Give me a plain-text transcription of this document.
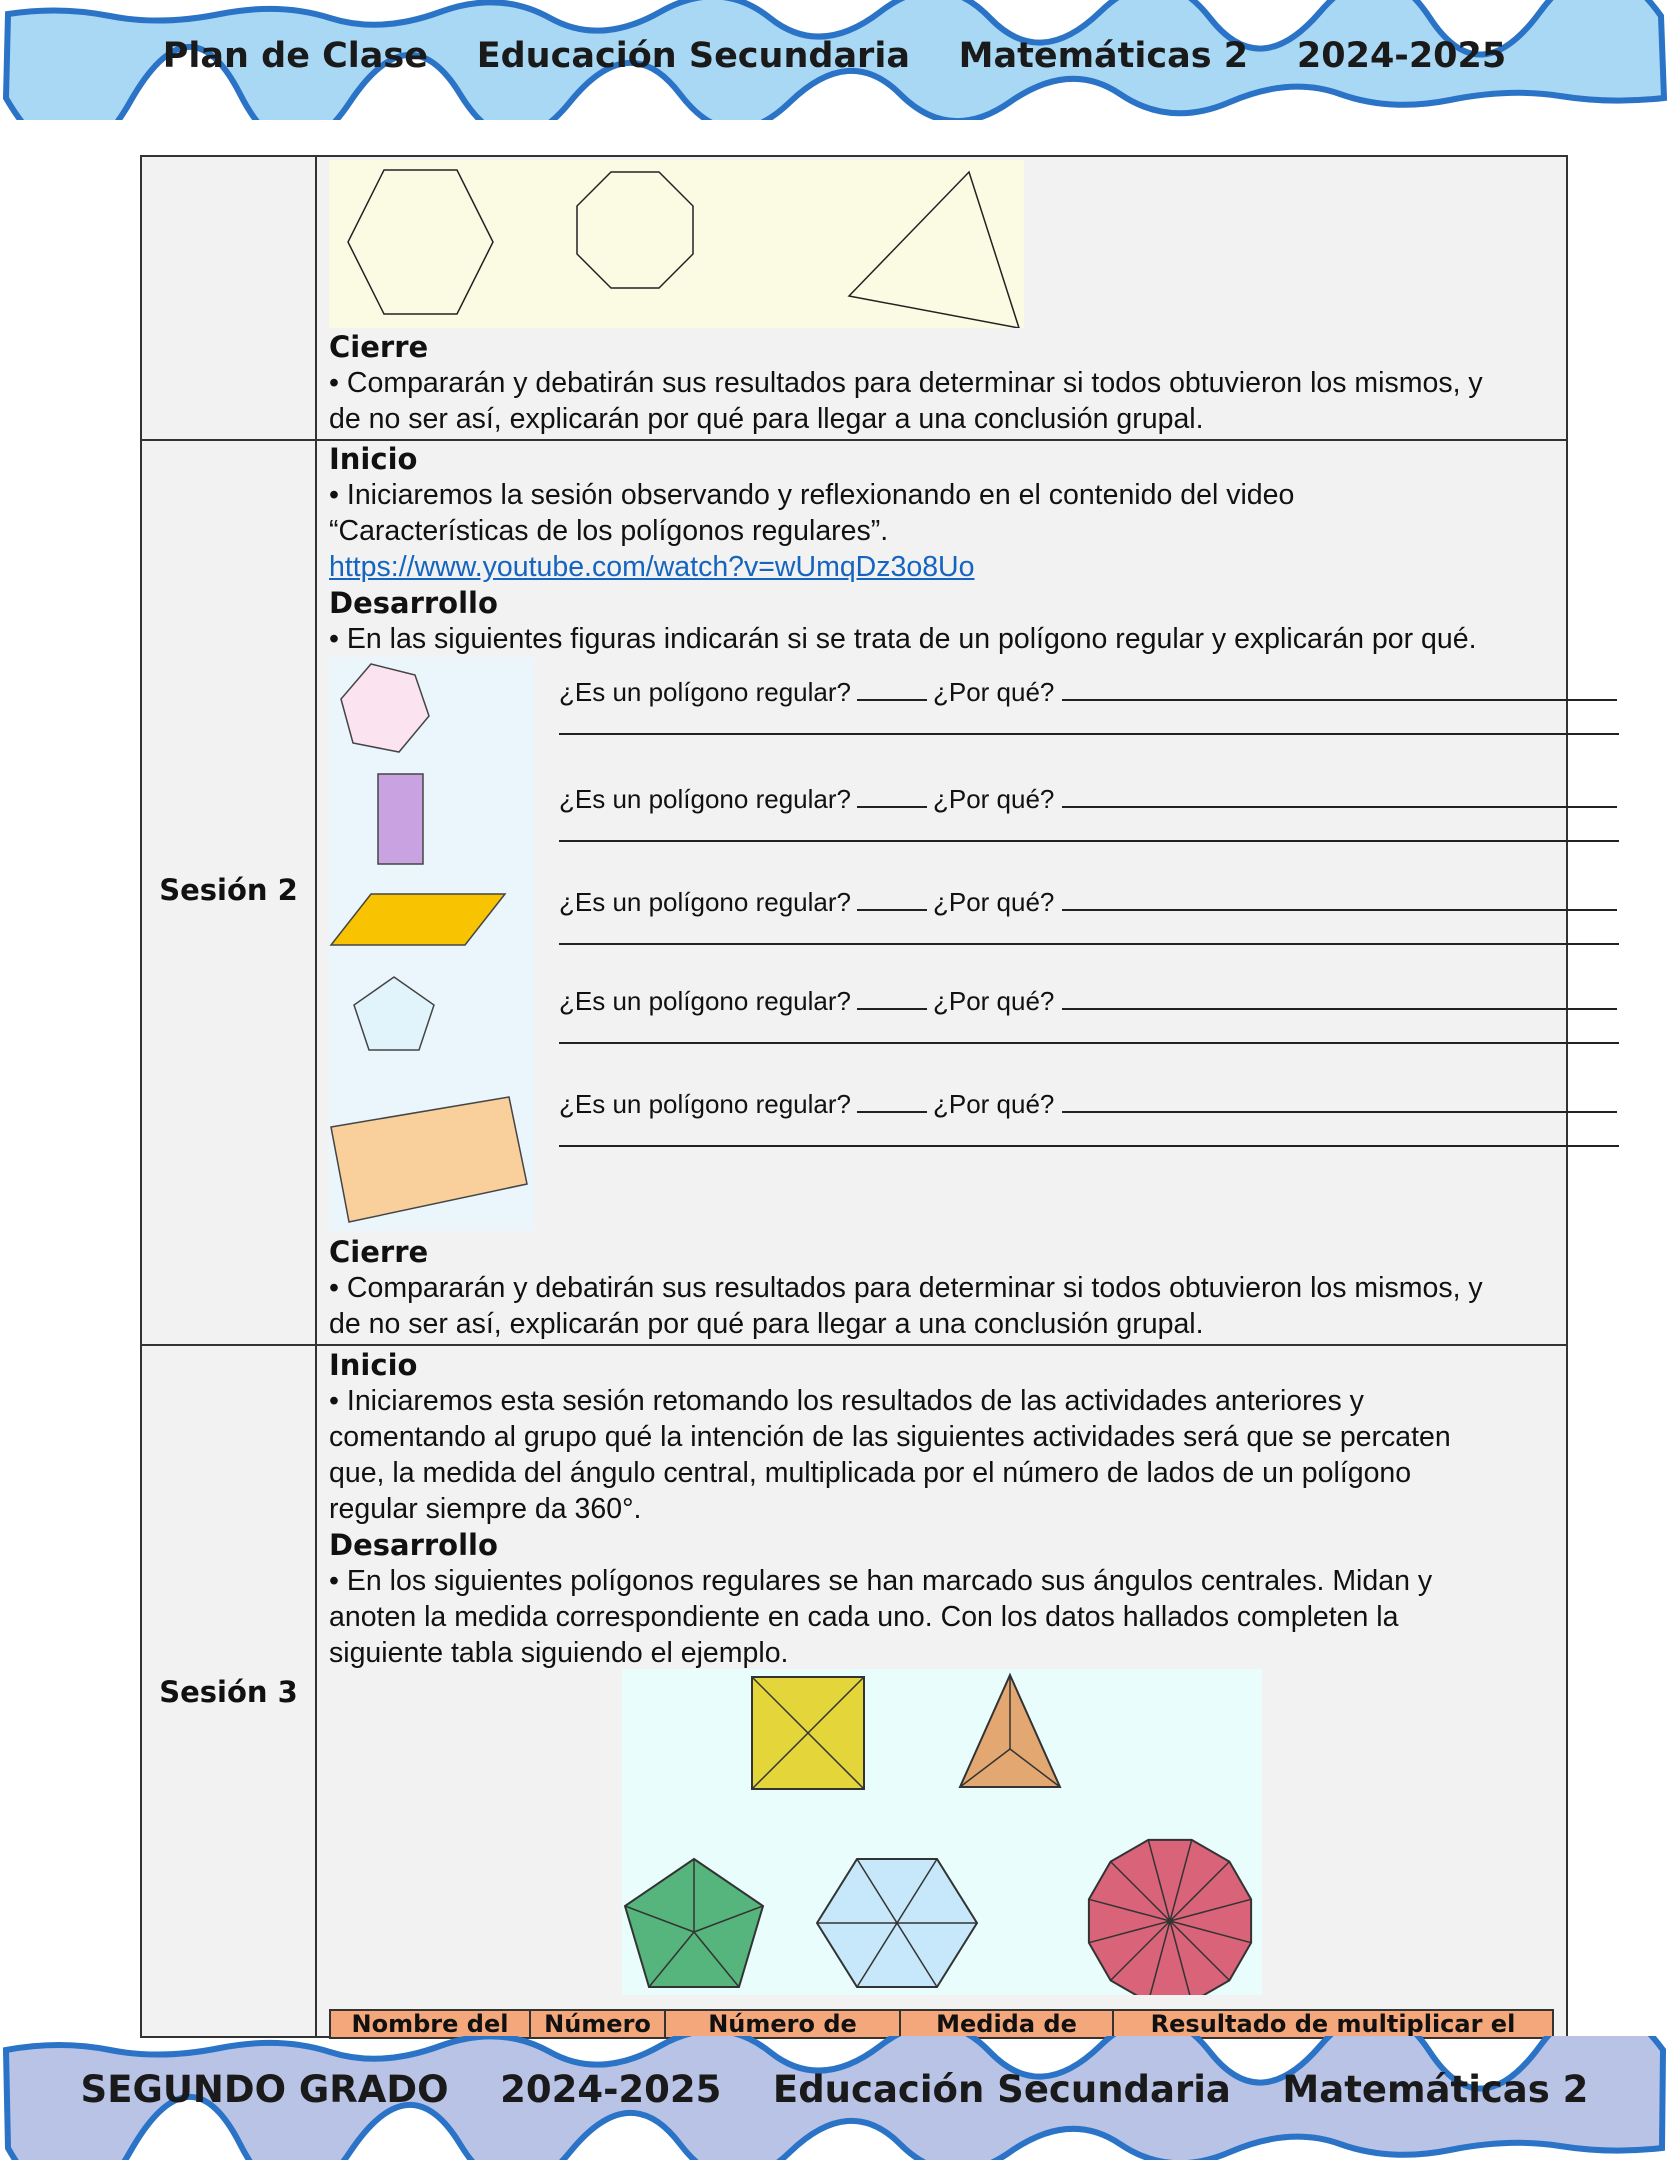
Plan de Clase    Educación Secundaria    Matemáticas 2    2024-2025
Cierre
• Compararán y debatirán sus resultados para determinar si todos obtuvieron los mismos, y
de no ser así, explicarán por qué para llegar a una conclusión grupal.
Sesión 2
Inicio
• Iniciaremos la sesión observando y reflexionando en el contenido del video
“Características de los polígonos regulares”.
https://www.youtube.com/watch?v=wUmqDz3o8Uo
Desarrollo
• En las siguientes figuras indicarán si se trata de un polígono regular y explicarán por qué.
Cierre
• Compararán y debatirán sus resultados para determinar si todos obtuvieron los mismos, y
de no ser así, explicarán por qué para llegar a una conclusión grupal.
Sesión 3
Inicio
• Iniciaremos esta sesión retomando los resultados de las actividades anteriores y
comentando al grupo qué la intención de las siguientes actividades será que se percaten
que, la medida del ángulo central, multiplicada por el número de lados de un polígono
regular siempre da 360°.
Desarrollo
• En los siguientes polígonos regulares se han marcado sus ángulos centrales. Midan y
anoten la medida correspondiente en cada uno. Con los datos hallados completen la
siguiente tabla siguiendo el ejemplo.
Nombre del	Número	Número de	Medida de	Resultado de multiplicar el
¿Es un polígono regular?	¿Por qué?
¿Es un polígono regular?	¿Por qué?
¿Es un polígono regular?	¿Por qué?
¿Es un polígono regular?	¿Por qué?
¿Es un polígono regular?	¿Por qué?
SEGUNDO GRADO    2024-2025    Educación Secundaria    Matemáticas 2
